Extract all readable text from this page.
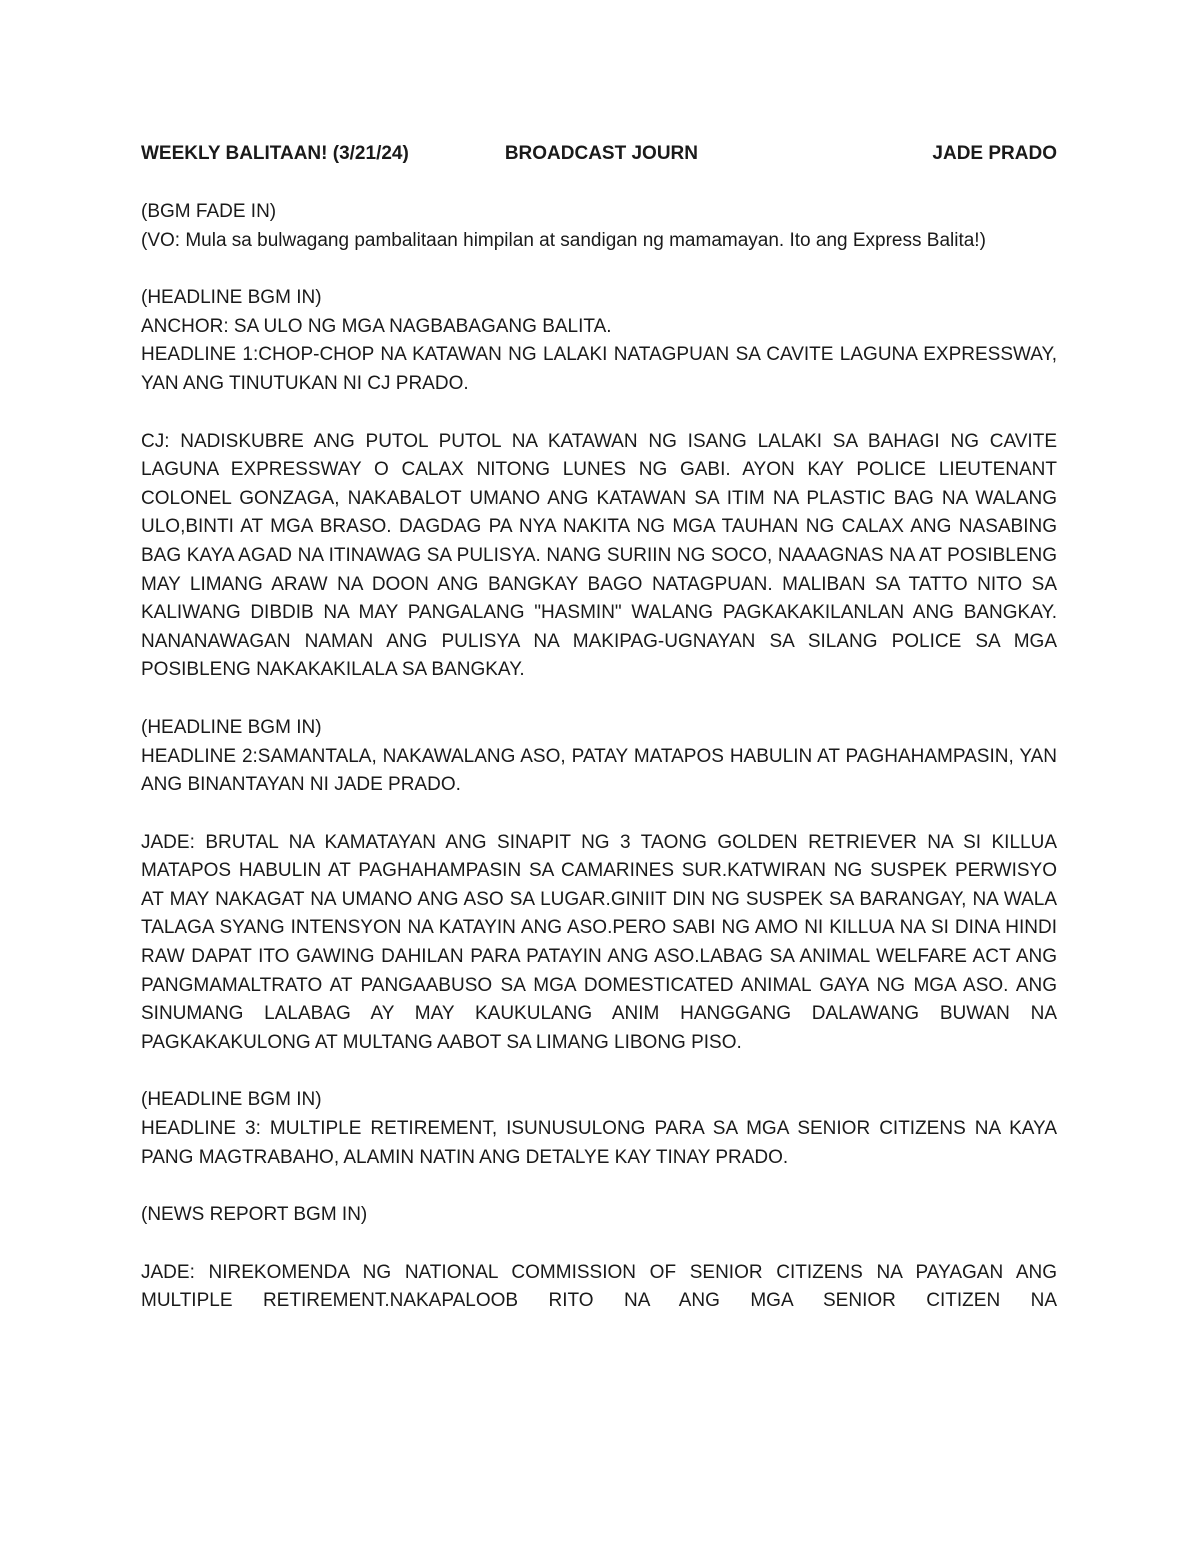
WEEKLY BALITAAN! (3/21/24)	BROADCAST JOURN	JADE PRADO

(BGM FADE IN)

(VO: Mula sa bulwagang pambalitaan himpilan at sandigan ng mamamayan. Ito ang Express Balita!)

(HEADLINE BGM IN)

ANCHOR: SA ULO NG MGA NAGBABAGANG BALITA.

HEADLINE 1:CHOP-CHOP NA KATAWAN NG LALAKI NATAGPUAN SA CAVITE LAGUNA EXPRESSWAY, YAN ANG TINUTUKAN NI CJ PRADO.

CJ: NADISKUBRE ANG PUTOL PUTOL NA KATAWAN NG ISANG LALAKI SA BAHAGI NG CAVITE LAGUNA EXPRESSWAY O CALAX NITONG LUNES NG GABI. AYON KAY POLICE LIEUTENANT COLONEL GONZAGA, NAKABALOT UMANO ANG KATAWAN SA ITIM NA PLASTIC BAG NA WALANG ULO,BINTI AT MGA BRASO. DAGDAG PA NYA NAKITA NG MGA TAUHAN NG CALAX ANG NASABING BAG KAYA AGAD NA ITINAWAG SA PULISYA. NANG SURIIN NG SOCO, NAAAGNAS NA AT POSIBLENG MAY LIMANG ARAW NA DOON ANG BANGKAY BAGO NATAGPUAN. MALIBAN SA TATTO NITO SA KALIWANG DIBDIB NA MAY PANGALANG "HASMIN" WALANG PAGKAKAKILANLAN ANG BANGKAY. NANANAWAGAN NAMAN ANG PULISYA NA MAKIPAG-UGNAYAN SA SILANG POLICE SA MGA POSIBLENG NAKAKAKILALA SA BANGKAY.

(HEADLINE BGM IN)

HEADLINE 2:SAMANTALA, NAKAWALANG ASO, PATAY MATAPOS HABULIN AT PAGHAHAMPASIN, YAN ANG BINANTAYAN NI JADE PRADO.

JADE: BRUTAL NA KAMATAYAN ANG SINAPIT NG 3 TAONG GOLDEN RETRIEVER NA SI KILLUA MATAPOS HABULIN AT PAGHAHAMPASIN SA CAMARINES SUR.KATWIRAN NG SUSPEK PERWISYO AT MAY NAKAGAT NA UMANO ANG ASO SA LUGAR.GINIIT DIN NG SUSPEK SA BARANGAY, NA WALA TALAGA SYANG INTENSYON NA KATAYIN ANG ASO.PERO SABI NG AMO NI KILLUA NA SI DINA HINDI RAW DAPAT ITO GAWING DAHILAN PARA PATAYIN ANG ASO.LABAG SA ANIMAL WELFARE ACT ANG PANGMAMALTRATO AT PANGAABUSO SA MGA DOMESTICATED ANIMAL GAYA NG MGA ASO. ANG SINUMANG LALABAG AY MAY KAUKULANG ANIM HANGGANG DALAWANG BUWAN NA PAGKAKAKULONG AT MULTANG AABOT SA LIMANG LIBONG PISO.

(HEADLINE BGM IN)

HEADLINE 3: MULTIPLE RETIREMENT, ISUNUSULONG PARA SA MGA SENIOR CITIZENS NA KAYA PANG MAGTRABAHO, ALAMIN NATIN ANG DETALYE KAY TINAY PRADO.

(NEWS REPORT BGM IN)

JADE: NIREKOMENDA NG NATIONAL COMMISSION OF SENIOR CITIZENS NA PAYAGAN ANG MULTIPLE RETIREMENT.NAKAPALOOB RITO NA ANG MGA SENIOR CITIZEN NA
